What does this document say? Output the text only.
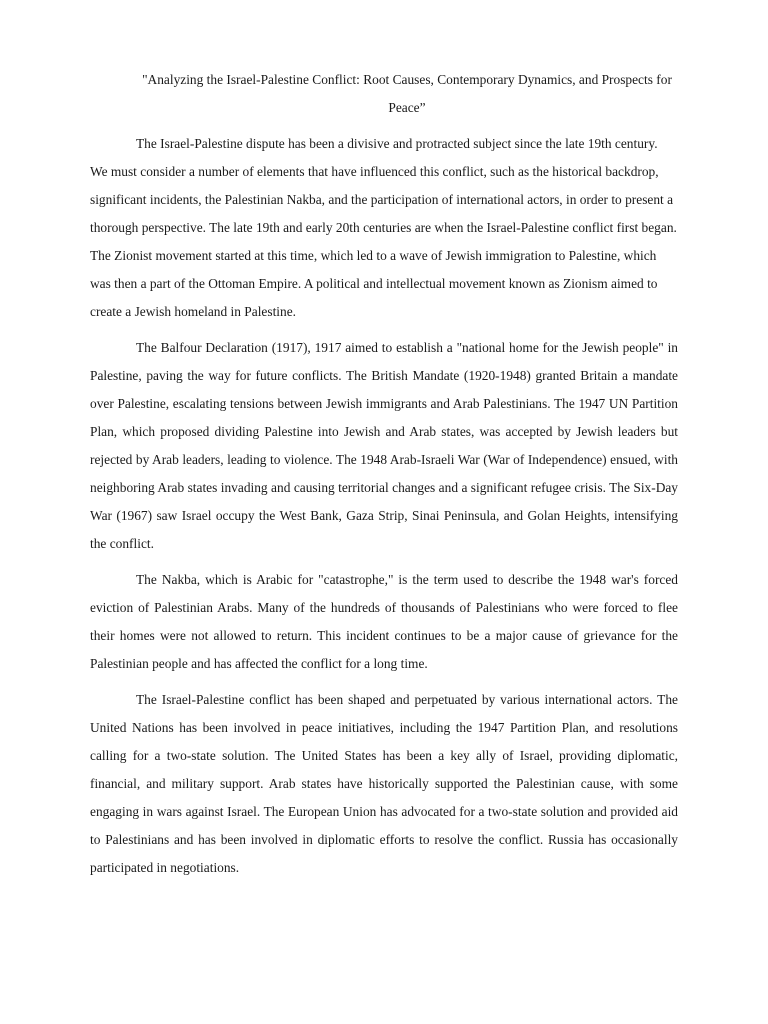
"Analyzing the Israel-Palestine Conflict: Root Causes, Contemporary Dynamics, and Prospects for Peace”

The Israel-Palestine dispute has been a divisive and protracted subject since the late 19th century. We must consider a number of elements that have influenced this conflict, such as the historical backdrop, significant incidents, the Palestinian Nakba, and the participation of international actors, in order to present a thorough perspective. The late 19th and early 20th centuries are when the Israel-Palestine conflict first began. The Zionist movement started at this time, which led to a wave of Jewish immigration to Palestine, which was then a part of the Ottoman Empire. A political and intellectual movement known as Zionism aimed to create a Jewish homeland in Palestine.

The Balfour Declaration (1917), 1917 aimed to establish a "national home for the Jewish people" in Palestine, paving the way for future conflicts. The British Mandate (1920-1948) granted Britain a mandate over Palestine, escalating tensions between Jewish immigrants and Arab Palestinians. The 1947 UN Partition Plan, which proposed dividing Palestine into Jewish and Arab states, was accepted by Jewish leaders but rejected by Arab leaders, leading to violence. The 1948 Arab-Israeli War (War of Independence) ensued, with neighboring Arab states invading and causing territorial changes and a significant refugee crisis. The Six-Day War (1967) saw Israel occupy the West Bank, Gaza Strip, Sinai Peninsula, and Golan Heights, intensifying the conflict.

The Nakba, which is Arabic for "catastrophe," is the term used to describe the 1948 war's forced eviction of Palestinian Arabs. Many of the hundreds of thousands of Palestinians who were forced to flee their homes were not allowed to return. This incident continues to be a major cause of grievance for the Palestinian people and has affected the conflict for a long time.

The Israel-Palestine conflict has been shaped and perpetuated by various international actors. The United Nations has been involved in peace initiatives, including the 1947 Partition Plan, and resolutions calling for a two-state solution. The United States has been a key ally of Israel, providing diplomatic, financial, and military support. Arab states have historically supported the Palestinian cause, with some engaging in wars against Israel. The European Union has advocated for a two-state solution and provided aid to Palestinians and has been involved in diplomatic efforts to resolve the conflict. Russia has occasionally participated in negotiations.
